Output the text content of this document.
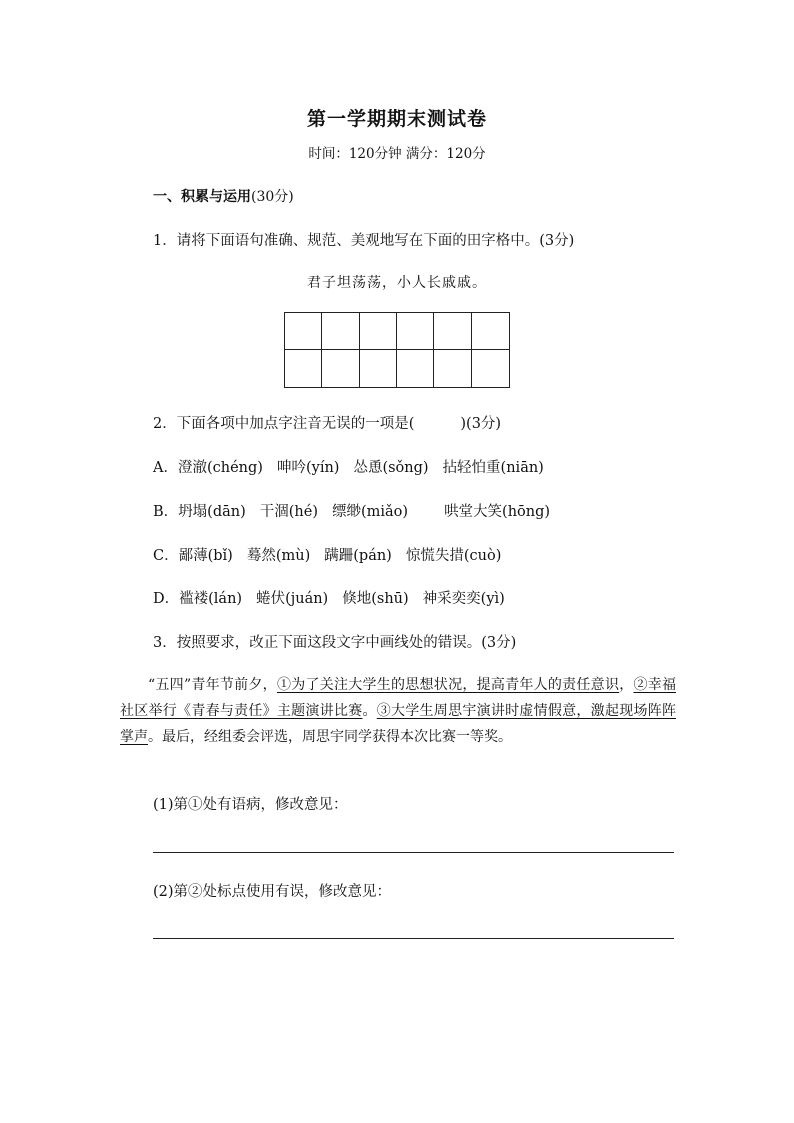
第一学期期末测试卷
时间：120分钟 满分：120分
一、积累与运用(30分)
1．请将下面语句准确、规范、美观地写在下面的田字格中。(3分)
君子坦荡荡，小人长戚戚。
2．下面各项中加点字注音无误的一项是(	)(3分)
A．澄澈(chéng) 呻吟(yín) 怂恿(sǒng) 拈轻怕重(niān)
B．坍塌(dān) 干涸(hé) 缥缈(miǎo) 哄堂大笑(hōng)
C．鄙薄(bǐ) 蓦然(mù) 蹒跚(pán) 惊慌失措(cuò)
D．褴褛(lán) 蜷伏(juán) 倏地(shū) 神采奕奕(yì)
3．按照要求，改正下面这段文字中画线处的错误。(3分)
“五四”青年节前夕，①为了关注大学生的思想状况，提高青年人的责任意识，②幸福社区举行《青春与责任》主题演讲比赛。③大学生周思宇演讲时虚情假意，激起现场阵阵掌声。最后，经组委会评选，周思宇同学获得本次比赛一等奖。
(1)第①处有语病，修改意见：
(2)第②处标点使用有误，修改意见：
